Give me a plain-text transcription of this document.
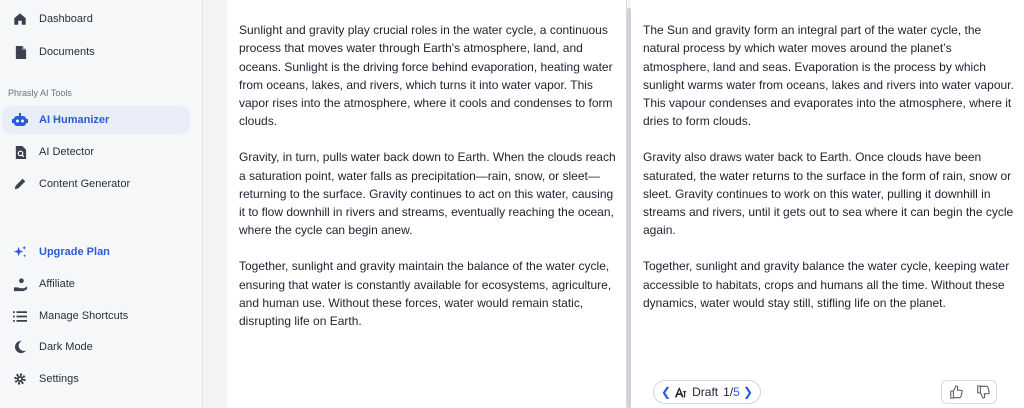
Dashboard
Documents
Phrasly AI Tools
AI Humanizer
AI Detector
Content Generator
Upgrade Plan
Affiliate
Manage Shortcuts
Dark Mode
Settings

Sunlight and gravity play crucial roles in the water cycle, a continuous process that moves water through Earth's atmosphere, land, and oceans. Sunlight is the driving force behind evaporation, heating water from oceans, lakes, and rivers, which turns it into water vapor. This vapor rises into the atmosphere, where it cools and condenses to form clouds.

Gravity, in turn, pulls water back down to Earth. When the clouds reach a saturation point, water falls as precipitation—rain, snow, or sleet—returning to the surface. Gravity continues to act on this water, causing it to flow downhill in rivers and streams, eventually reaching the ocean, where the cycle can begin anew.

Together, sunlight and gravity maintain the balance of the water cycle, ensuring that water is constantly available for ecosystems, agriculture, and human use. Without these forces, water would remain static, disrupting life on Earth.

The Sun and gravity form an integral part of the water cycle, the natural process by which water moves around the planet’s atmosphere, land and seas. Evaporation is the process by which sunlight warms water from oceans, lakes and rivers into water vapour. This vapour condenses and evaporates into the atmosphere, where it dries to form clouds.

Gravity also draws water back to Earth. Once clouds have been saturated, the water returns to the surface in the form of rain, snow or sleet. Gravity continues to work on this water, pulling it downhill in streams and rivers, until it gets out to sea where it can begin the cycle again.

Together, sunlight and gravity balance the water cycle, keeping water accessible to habitats, crops and humans all the time. Without these dynamics, water would stay still, stifling life on the planet.

❮ Draft 1/5 ❯
